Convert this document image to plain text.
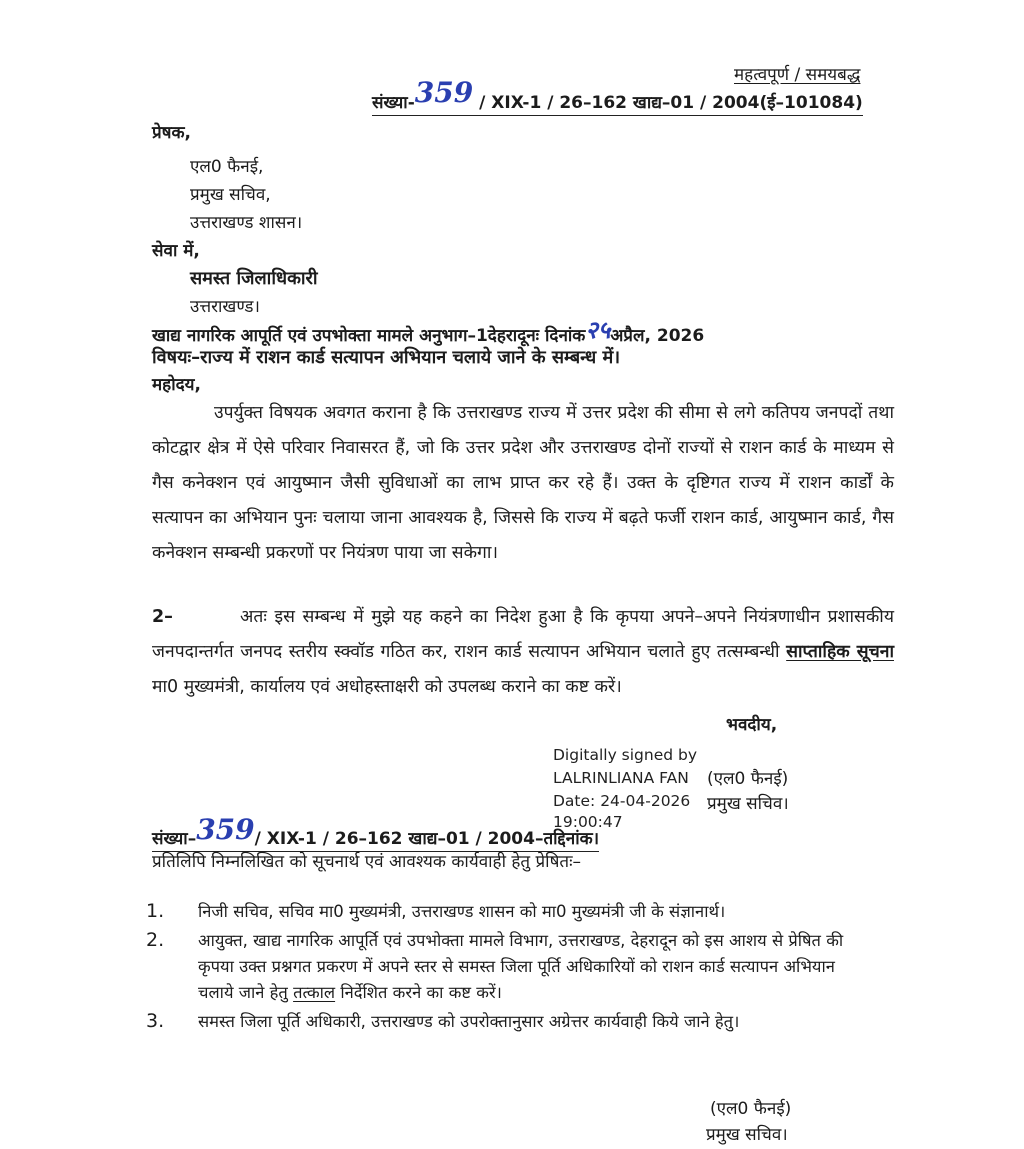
महत्वपूर्ण / समयबद्ध
संख्या-359 / XIX-1 / 26–162 खाद्य–01 / 2004(ई–101084)
प्रेषक,
एल0 फैनई,
प्रमुख सचिव,
उत्तराखण्ड शासन।
सेवा में,
समस्त जिलाधिकारी
उत्तराखण्ड।
खाद्य नागरिक आपूर्ति एवं उपभोक्ता मामले अनुभाग–1देहरादूनः दिनांक२५अप्रैल, 2026
विषयः–राज्य में राशन कार्ड सत्यापन अभियान चलाये जाने के सम्बन्ध में।
महोदय,
उपर्युक्त विषयक अवगत कराना है कि उत्तराखण्ड राज्य में उत्तर प्रदेश की सीमा से लगे कतिपय जनपदों तथा कोटद्वार क्षेत्र में ऐसे परिवार निवासरत हैं, जो कि उत्तर प्रदेश और उत्तराखण्ड दोनों राज्यों से राशन कार्ड के माध्यम से गैस कनेक्शन एवं आयुष्मान जैसी सुविधाओं का लाभ प्राप्त कर रहे हैं। उक्त के दृष्टिगत राज्य में राशन कार्डों के सत्यापन का अभियान पुनः चलाया जाना आवश्यक है, जिससे कि राज्य में बढ़ते फर्जी राशन कार्ड, आयुष्मान कार्ड, गैस कनेक्शन सम्बन्धी प्रकरणों पर नियंत्रण पाया जा सकेगा।
2–	अतः इस सम्बन्ध में मुझे यह कहने का निदेश हुआ है कि कृपया अपने–अपने नियंत्रणाधीन प्रशासकीय जनपदान्तर्गत जनपद स्तरीय स्क्वॉड गठित कर, राशन कार्ड सत्यापन अभियान चलाते हुए तत्सम्बन्धी साप्ताहिक सूचना मा0 मुख्यमंत्री, कार्यालय एवं अधोहस्ताक्षरी को उपलब्ध कराने का कष्ट करें।
भवदीय,
Digitally signed by
LALRINLIANA FAN
Date: 24-04-2026
19:00:47
(एल0 फैनई)
प्रमुख सचिव।
संख्या–359/ XIX-1 / 26–162 खाद्य–01 / 2004–तद्दिनांक।
प्रतिलिपि निम्नलिखित को सूचनार्थ एवं आवश्यक कार्यवाही हेतु प्रेषितः–
1. निजी सचिव, सचिव मा0 मुख्यमंत्री, उत्तराखण्ड शासन को मा0 मुख्यमंत्री जी के संज्ञानार्थ।
2. आयुक्त, खाद्य नागरिक आपूर्ति एवं उपभोक्ता मामले विभाग, उत्तराखण्ड, देहरादून को इस आशय से प्रेषित की कृपया उक्त प्रश्नगत प्रकरण में अपने स्तर से समस्त जिला पूर्ति अधिकारियों को राशन कार्ड सत्यापन अभियान चलाये जाने हेतु तत्काल निर्देशित करने का कष्ट करें।
3. समस्त जिला पूर्ति अधिकारी, उत्तराखण्ड को उपरोक्तानुसार अग्रेत्तर कार्यवाही किये जाने हेतु।
(एल0 फैनई)
प्रमुख सचिव।
